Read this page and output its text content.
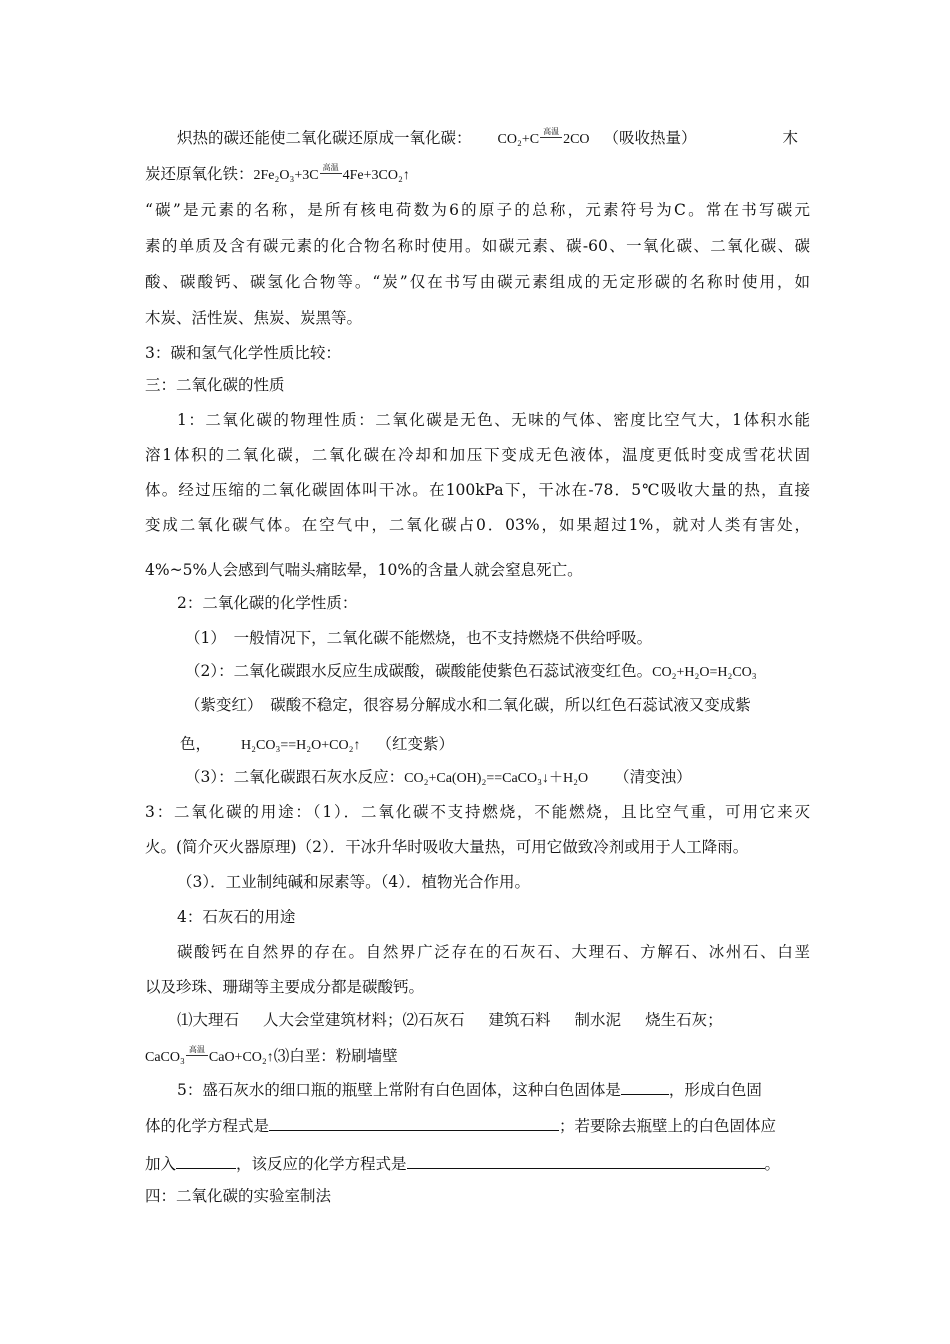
炽热的碳还能使二氧化碳还原成一氧化碳： CO₂+C
高温
2CO （吸收热量）	木
炭还原氧化铁：2Fe₂O₃+3C
高温
4Fe+3CO₂↑
“碳”是元素的名称，是所有核电荷数为6的原子的总称，元素符号为C。常在书写碳元
素的单质及含有碳元素的化合物名称时使用。如碳元素、碳-60、一氧化碳、二氧化碳、碳
酸、碳酸钙、碳氢化合物等。“炭”仅在书写由碳元素组成的无定形碳的名称时使用，如
木炭、活性炭、焦炭、炭黑等。
3：碳和氢气化学性质比较：
三：二氧化碳的性质
1：二氧化碳的物理性质：二氧化碳是无色、无味的气体、密度比空气大，1体积水能
溶1体积的二氧化碳，二氧化碳在冷却和加压下变成无色液体，温度更低时变成雪花状固
体。经过压缩的二氧化碳固体叫干冰。在100kPa下，干冰在-78．5℃吸收大量的热，直接
变成二氧化碳气体。在空气中，二氧化碳占0．03%，如果超过1%，就对人类有害处，
4%~5%人会感到气喘头痛眩晕，10%的含量人就会窒息死亡。
2：二氧化碳的化学性质：
（1）　一般情况下，二氧化碳不能燃烧，也不支持燃烧不供给呼吸。
（2）：二氧化碳跟水反应生成碳酸，碳酸能使紫色石蕊试液变红色。CO₂+H₂O=H₂CO₃
（紫变红）　碳酸不稳定，很容易分解成水和二氧化碳，所以红色石蕊试液又变成紫
色， H₂CO₃==H₂O+CO₂↑ （红变紫）
（3）：二氧化碳跟石灰水反应：CO₂+Ca(OH)₂==CaCO₃↓＋H₂O （清变浊）
3：二氧化碳的用途：（1）．二氧化碳不支持燃烧，不能燃烧，且比空气重，可用它来灭
火。(简介灭火器原理)（2）．干冰升华时吸收大量热，可用它做致冷剂或用于人工降雨。
（3）．工业制纯碱和尿素等。（4）．植物光合作用。
4：石灰石的用途
碳酸钙在自然界的存在。自然界广泛存在的石灰石、大理石、方解石、冰州石、白垩
以及珍珠、珊瑚等主要成分都是碳酸钙。
⑴大理石 人大会堂建筑材料；⑵石灰石 建筑石料 制水泥 烧生石灰；
CaCO₃
高温
CaO+CO₂↑⑶白垩：粉刷墙壁
5：盛石灰水的细口瓶的瓶壁上常附有白色固体，这种白色固体是	，形成白色固
体的化学方程式是	；若要除去瓶壁上的白色固体应
加入	，该反应的化学方程式是	。
四：二氧化碳的实验室制法
